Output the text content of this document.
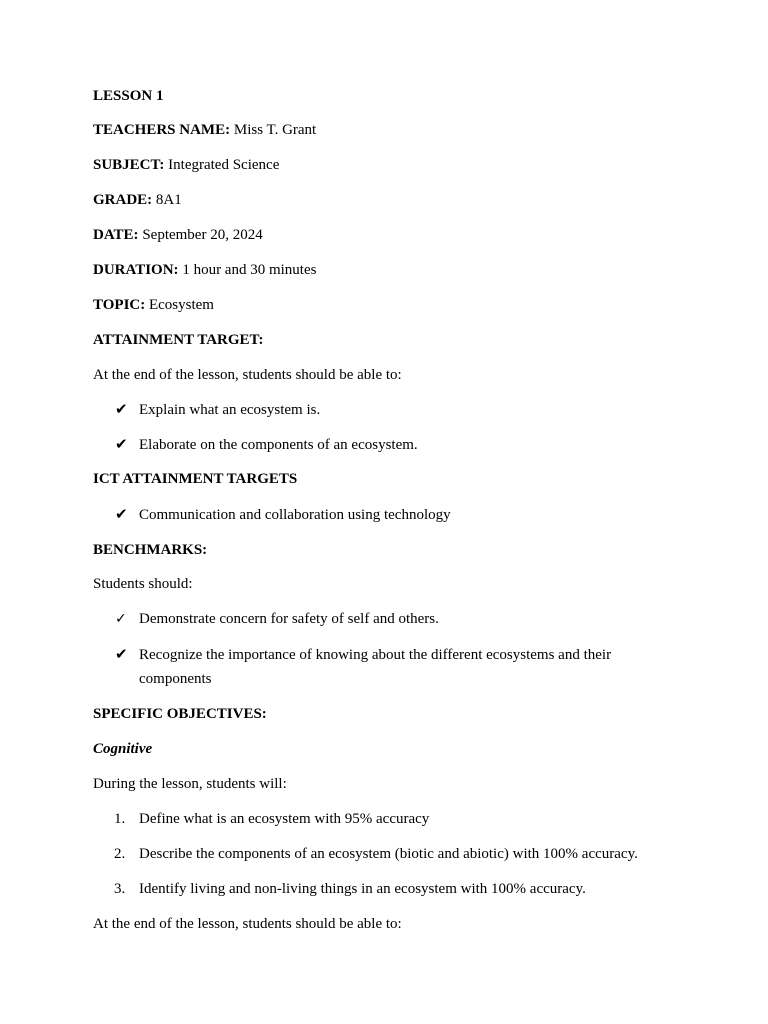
LESSON 1
TEACHERS NAME: Miss T. Grant
SUBJECT: Integrated Science
GRADE: 8A1
DATE: September 20, 2024
DURATION: 1 hour and 30 minutes
TOPIC: Ecosystem
ATTAINMENT TARGET:
At the end of the lesson, students should be able to:
✔ Explain what an ecosystem is.
✔ Elaborate on the components of an ecosystem.
ICT ATTAINMENT TARGETS
✔ Communication and collaboration using technology
BENCHMARKS:
Students should:
✓ Demonstrate concern for safety of self and others.
✔ Recognize the importance of knowing about the different ecosystems and their
components
SPECIFIC OBJECTIVES:
Cognitive
During the lesson, students will:
1. Define what is an ecosystem with 95% accuracy
2. Describe the components of an ecosystem (biotic and abiotic) with 100% accuracy.
3. Identify living and non-living things in an ecosystem with 100% accuracy.
At the end of the lesson, students should be able to:
